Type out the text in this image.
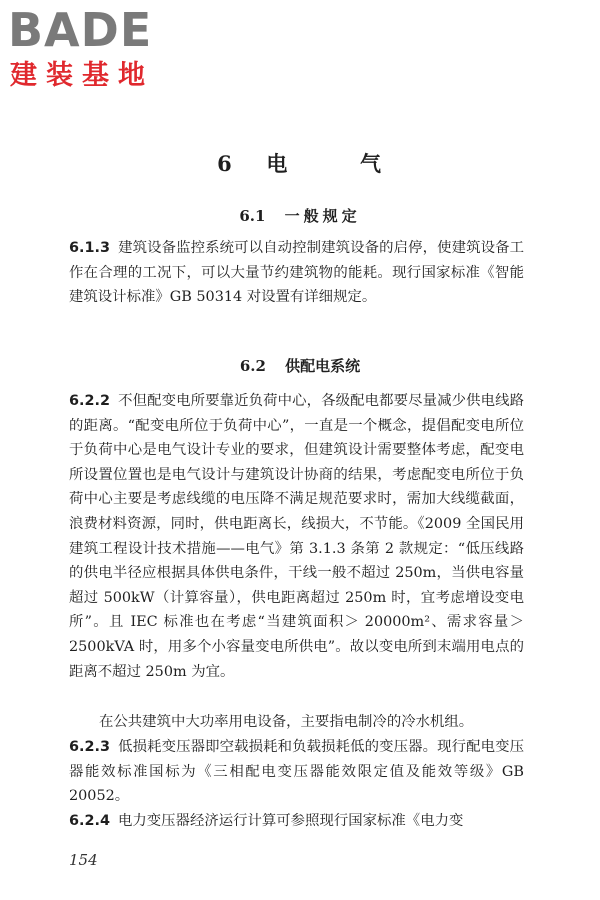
BADE
建装基地
6 电	气
6.1 一般规定
6.1.3 建筑设备监控系统可以自动控制建筑设备的启停，使建筑设备工作在合理的工况下，可以大量节约建筑物的能耗。现行国家标准《智能建筑设计标准》GB 50314 对设置有详细规定。
6.2 供配电系统
6.2.2 不但配变电所要靠近负荷中心，各级配电都要尽量减少供电线路的距离。“配变电所位于负荷中心”，一直是一个概念，提倡配变电所位于负荷中心是电气设计专业的要求，但建筑设计需要整体考虑，配变电所设置位置也是电气设计与建筑设计协商的结果，考虑配变电所位于负荷中心主要是考虑线缆的电压降不满足规范要求时，需加大线缆截面，浪费材料资源，同时，供电距离长，线损大，不节能。《2009 全国民用建筑工程设计技术措施——电气》第 3.1.3 条第 2 款规定：“低压线路的供电半径应根据具体供电条件，干线一般不超过 250m，当供电容量超过 500kW（计算容量），供电距离超过 250m 时，宜考虑增设变电所”。且 IEC 标准也在考虑“当建筑面积＞ 20000m²、需求容量＞ 2500kVA 时，用多个小容量变电所供电”。故以变电所到末端用电点的距离不超过 250m 为宜。
在公共建筑中大功率用电设备，主要指电制冷的冷水机组。
6.2.3 低损耗变压器即空载损耗和负载损耗低的变压器。现行配电变压器能效标准国标为《三相配电变压器能效限定值及能效等级》GB 20052。
6.2.4 电力变压器经济运行计算可参照现行国家标准《电力变
154
